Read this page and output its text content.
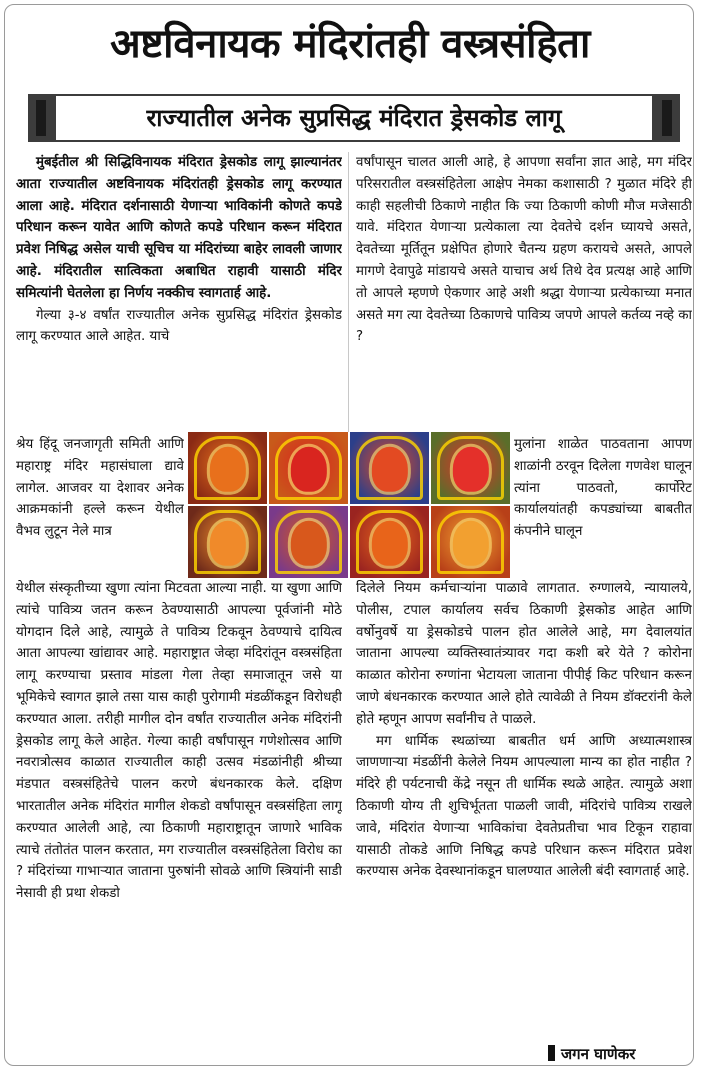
अष्टविनायक मंदिरांतही वस्त्रसंहिता
राज्यातील अनेक सुप्रसिद्ध मंदिरात ड्रेसकोड लागू

मुंबईतील श्री सिद्धिविनायक मंदिरात ड्रेसकोड लागू झाल्यानंतर आता राज्यातील अष्टविनायक मंदिरांतही ड्रेसकोड लागू करण्यात आला आहे. मंदिरात दर्शनासाठी येणाऱ्या भाविकांनी कोणते कपडे परिधान करून यावेत आणि कोणते कपडे परिधान करून मंदिरात प्रवेश निषिद्ध असेल याची सूचिच या मंदिरांच्या बाहेर लावली जाणार आहे. मंदिरातील सात्विकता अबाधित राहावी यासाठी मंदिर समित्यांनी घेतलेला हा निर्णय नक्कीच स्वागतार्ह आहे.

गेल्या ३-४ वर्षांत राज्यातील अनेक सुप्रसिद्ध मंदिरांत ड्रेसकोड लागू करण्यात आले आहेत. याचे

श्रेय हिंदू जनजागृती समिती आणि महाराष्ट्र मंदिर महासंघाला द्यावे लागेल. आजवर या देशावर अनेक आक्रमकांनी हल्ले करून येथील वैभव लुटून नेले मात्र

येथील संस्कृतीच्या खुणा त्यांना मिटवता आल्या नाही. या खुणा आणि त्यांचे पावित्र्य जतन करून ठेवण्यासाठी आपल्या पूर्वजांनी मोठे योगदान दिले आहे, त्यामुळे ते पावित्र्य टिकवून ठेवण्याचे दायित्व आता आपल्या खांद्यावर आहे. महाराष्ट्रात जेव्हा मंदिरांतून वस्त्रसंहिता लागू करण्याचा प्रस्ताव मांडला गेला तेव्हा समाजातून जसे या भूमिकेचे स्वागत झाले तसा यास काही पुरोगामी मंडळींकडून विरोधही करण्यात आला. तरीही मागील दोन वर्षांत राज्यातील अनेक मंदिरांनी ड्रेसकोड लागू केले आहेत. गेल्या काही वर्षांपासून गणेशोत्सव आणि नवरात्रोत्सव काळात राज्यातील काही उत्सव मंडळांनीही श्रीच्या मंडपात वस्त्रसंहितेचे पालन करणे बंधनकारक केले. दक्षिण भारतातील अनेक मंदिरांत मागील शेकडो वर्षांपासून वस्त्रसंहिता लागू करण्यात आलेली आहे, त्या ठिकाणी महाराष्ट्रातून जाणारे भाविक त्याचे तंतोतंत पालन करतात, मग राज्यातील वस्त्रसंहितेला विरोध का ? मंदिरांच्या गाभाऱ्यात जाताना पुरुषांनी सोवळे आणि स्त्रियांनी साडी नेसावी ही प्रथा शेकडो

वर्षांपासून चालत आली आहे, हे आपणा सर्वांना ज्ञात आहे, मग मंदिर परिसरातील वस्त्रसंहितेला आक्षेप नेमका कशासाठी ? मुळात मंदिरे ही काही सहलीची ठिकाणे नाहीत कि ज्या ठिकाणी कोणी मौज मजेसाठी यावे. मंदिरात येणाऱ्या प्रत्येकाला त्या देवतेचे दर्शन घ्यायचे असते, देवतेच्या मूर्तितून प्रक्षेपित होणारे चैतन्य ग्रहण करायचे असते, आपले मागणे देवापुढे मांडायचे असते याचाच अर्थ तिथे देव प्रत्यक्ष आहे आणि तो आपले म्हणणे ऐकणार आहे अशी श्रद्धा येणाऱ्या प्रत्येकाच्या मनात असते मग त्या देवतेच्या ठिकाणचे पावित्र्य जपणे आपले कर्तव्य नव्हे का ?

मुलांना शाळेत पाठवताना आपण शाळांनी ठरवून दिलेला गणवेश घालून त्यांना पाठवतो, कार्पोरेट कार्यालयांतही कपड्यांच्या बाबतीत कंपनीने घालून

दिलेले नियम कर्मचाऱ्यांना पाळावे लागतात. रुग्णालये, न्यायालये, पोलीस, टपाल कार्यालय सर्वच ठिकाणी ड्रेसकोड आहेत आणि वर्षोनुवर्षे या ड्रेसकोडचे पालन होत आलेले आहे, मग देवालयांत जाताना आपल्या व्यक्तिस्वातंत्र्यावर गदा कशी बरे येते ? कोरोना काळात कोरोना रुग्णांना भेटायला जाताना पीपीई किट परिधान करून जाणे बंधनकारक करण्यात आले होते त्यावेळी ते नियम डॉक्टरांनी केले होते म्हणून आपण सर्वांनीच ते पाळले.

मग धार्मिक स्थळांच्या बाबतीत धर्म आणि अध्यात्मशास्त्र जाणणाऱ्या मंडळींनी केलेले नियम आपल्याला मान्य का होत नाहीत ? मंदिरे ही पर्यटनाची केंद्रे नसून ती धार्मिक स्थळे आहेत. त्यामुळे अशा ठिकाणी योग्य ती शुचिर्भूतता पाळली जावी, मंदिरांचे पावित्र्य राखले जावे, मंदिरांत येणाऱ्या भाविकांचा देवतेप्रतीचा भाव टिकून राहावा यासाठी तोकडे आणि निषिद्ध कपडे परिधान करून मंदिरात प्रवेश करण्यास अनेक देवस्थानांकडून घालण्यात आलेली बंदी स्वागतार्ह आहे.

जगन घाणेकर
